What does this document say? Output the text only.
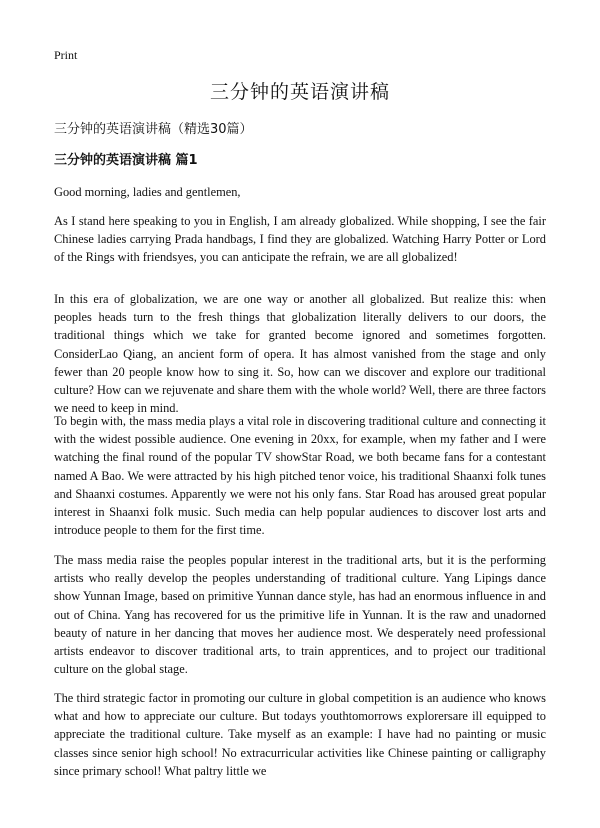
Print
三分钟的英语演讲稿
三分钟的英语演讲稿（精选30篇）
三分钟的英语演讲稿 篇1

Good morning, ladies and gentlemen,

As I stand here speaking to you in English, I am already globalized. While shopping, I see the fair Chinese ladies carrying Prada handbags, I find they are globalized. Watching Harry Potter or Lord of the Rings with friendsyes, you can anticipate the refrain, we are all globalized!

In this era of globalization, we are one way or another all globalized. But realize this: when peoples heads turn to the fresh things that globalization literally delivers to our doors, the traditional things which we take for granted become ignored and sometimes forgotten. ConsiderLao Qiang, an ancient form of opera. It has almost vanished from the stage and only fewer than 20 people know how to sing it. So, how can we discover and explore our traditional culture? How can we rejuvenate and share them with the whole world? Well, there are three factors we need to keep in mind.

To begin with, the mass media plays a vital role in discovering traditional culture and connecting it with the widest possible audience. One evening in 20xx, for example, when my father and I were watching the final round of the popular TV showStar Road, we both became fans for a contestant named A Bao. We were attracted by his high pitched tenor voice, his traditional Shaanxi folk tunes and Shaanxi costumes. Apparently we were not his only fans. Star Road has aroused great popular interest in Shaanxi folk music. Such media can help popular audiences to discover lost arts and introduce people to them for the first time.

The mass media raise the peoples popular interest in the traditional arts, but it is the performing artists who really develop the peoples understanding of traditional culture. Yang Lipings dance show Yunnan Image, based on primitive Yunnan dance style, has had an enormous influence in and out of China. Yang has recovered for us the primitive life in Yunnan. It is the raw and unadorned beauty of nature in her dancing that moves her audience most. We desperately need professional artists endeavor to discover traditional arts, to train apprentices, and to project our traditional culture on the global stage.

The third strategic factor in promoting our culture in global competition is an audience who knows what and how to appreciate our culture. But todays youthtomorrows explorersare ill equipped to appreciate the traditional culture. Take myself as an example: I have had no painting or music classes since senior high school! No extracurricular activities like Chinese painting or calligraphy since primary school! What paltry little we
